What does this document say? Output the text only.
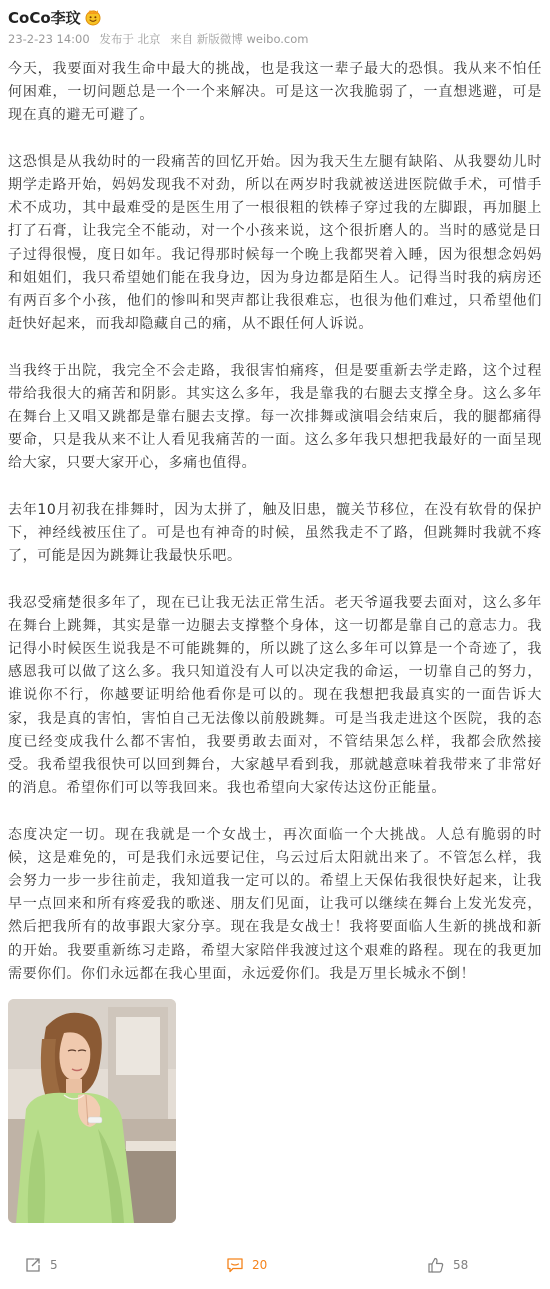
CoCo李玟
23-2-23 14:00 发布于 北京 来自 新版微博 weibo.com

今天，我要面对我生命中最大的挑战，也是我这一辈子最大的恐惧。我从来不怕任何困难，一切问题总是一个一个来解决。可是这一次我脆弱了，一直想逃避，可是现在真的避无可避了。

这恐惧是从我幼时的一段痛苦的回忆开始。因为我天生左腿有缺陷、从我婴幼儿时期学走路开始，妈妈发现我不对劲，所以在两岁时我就被送进医院做手术，可惜手术不成功，其中最难受的是医生用了一根很粗的铁棒子穿过我的左脚跟，再加腿上打了石膏，让我完全不能动，对一个小孩来说，这个很折磨人的。当时的感觉是日子过得很慢，度日如年。我记得那时候每一个晚上我都哭着入睡，因为很想念妈妈和姐姐们，我只希望她们能在我身边，因为身边都是陌生人。记得当时我的病房还有两百多个小孩，他们的惨叫和哭声都让我很难忘，也很为他们难过，只希望他们赶快好起来，而我却隐藏自己的痛，从不跟任何人诉说。

当我终于出院，我完全不会走路，我很害怕痛疼，但是要重新去学走路，这个过程带给我很大的痛苦和阴影。其实这么多年，我是靠我的右腿去支撑全身。这么多年在舞台上又唱又跳都是靠右腿去支撑。每一次排舞或演唱会结束后，我的腿都痛得要命，只是我从来不让人看见我痛苦的一面。这么多年我只想把我最好的一面呈现给大家，只要大家开心，多痛也值得。

去年10月初我在排舞时，因为太拼了，触及旧患，髋关节移位，在没有软骨的保护下，神经线被压住了。可是也有神奇的时候，虽然我走不了路，但跳舞时我就不疼了，可能是因为跳舞让我最快乐吧。

我忍受痛楚很多年了，现在已让我无法正常生活。老天爷逼我要去面对，这么多年在舞台上跳舞，其实是靠一边腿去支撑整个身体，这一切都是靠自己的意志力。我记得小时候医生说我是不可能跳舞的，所以跳了这么多年可以算是一个奇迹了，我感恩我可以做了这么多。我只知道没有人可以决定我的命运，一切靠自己的努力，谁说你不行，你越要证明给他看你是可以的。现在我想把我最真实的一面告诉大家，我是真的害怕，害怕自己无法像以前般跳舞。可是当我走进这个医院，我的态度已经变成我什么都不害怕，我要勇敢去面对，不管结果怎么样，我都会欣然接受。我希望我很快可以回到舞台，大家越早看到我，那就越意味着我带来了非常好的消息。希望你们可以等我回来。我也希望向大家传达这份正能量。

态度决定一切。现在我就是一个女战士，再次面临一个大挑战。人总有脆弱的时候，这是难免的，可是我们永远要记住，乌云过后太阳就出来了。不管怎么样，我会努力一步一步往前走，我知道我一定可以的。希望上天保佑我很快好起来，让我早一点回来和所有疼爱我的歌迷、朋友们见面，让我可以继续在舞台上发光发亮，然后把我所有的故事跟大家分享。现在我是女战士！我将要面临人生新的挑战和新的开始。我要重新练习走路，希望大家陪伴我渡过这个艰难的路程。现在的我更加需要你们。你们永远都在我心里面，永远爱你们。我是万里长城永不倒！

5	20	58
